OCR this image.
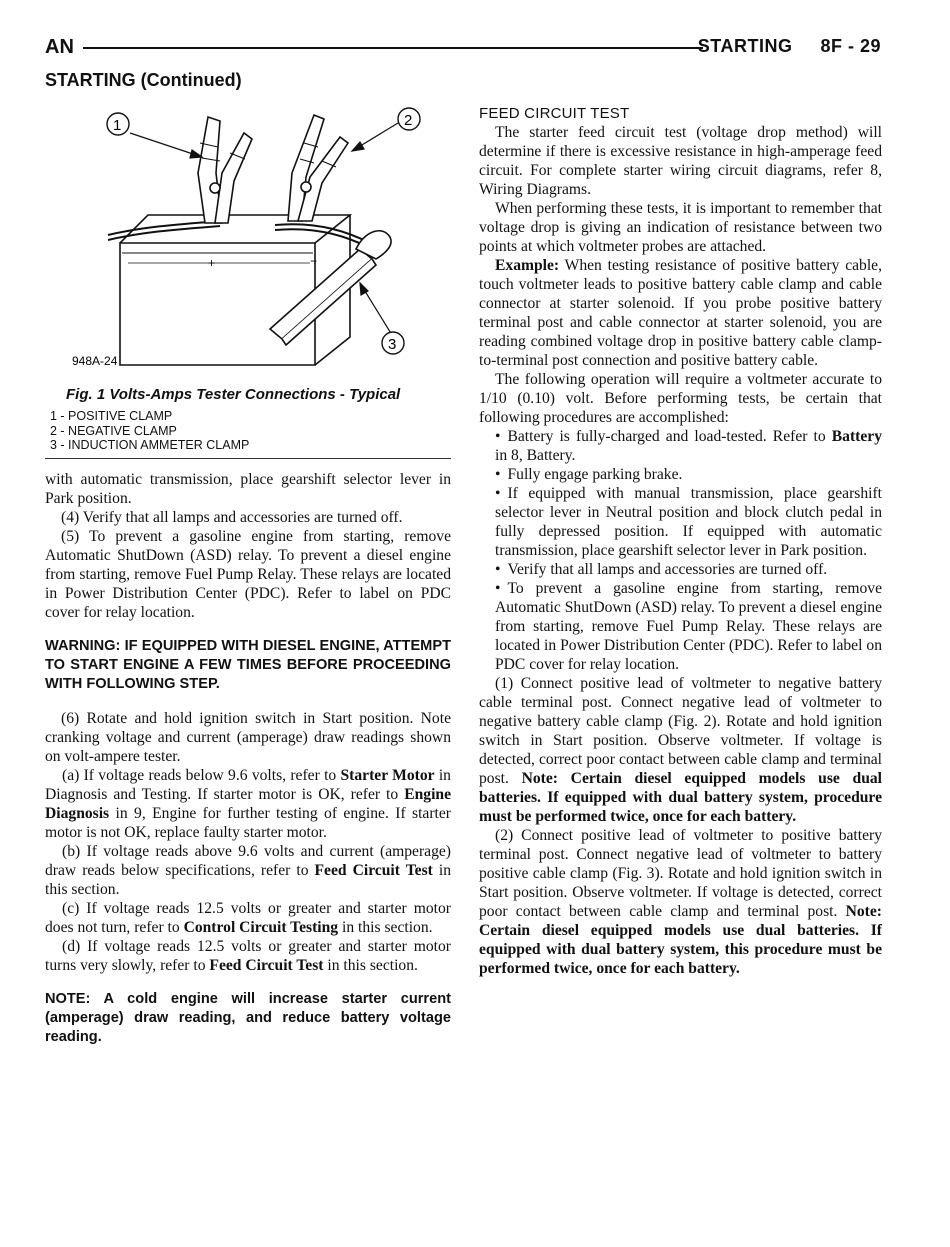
AN	STARTING 8F - 29
STARTING (Continued)
+	−
1	2
3
948A-24
Fig. 1 Volts-Amps Tester Connections - Typical
1 - POSITIVE CLAMP
2 - NEGATIVE CLAMP
3 - INDUCTION AMMETER CLAMP

with automatic transmission, place gearshift selector lever in Park position.

(4) Verify that all lamps and accessories are turned off.

(5) To prevent a gasoline engine from starting, remove Automatic ShutDown (ASD) relay. To prevent a diesel engine from starting, remove Fuel Pump Relay. These relays are located in Power Distribution Center (PDC). Refer to label on PDC cover for relay location.

WARNING: IF EQUIPPED WITH DIESEL ENGINE, ATTEMPT TO START ENGINE A FEW TIMES BEFORE PROCEEDING WITH FOLLOWING STEP.

(6) Rotate and hold ignition switch in Start position. Note cranking voltage and current (amperage) draw readings shown on volt-ampere tester.

(a) If voltage reads below 9.6 volts, refer to Starter Motor in Diagnosis and Testing. If starter motor is OK, refer to Engine Diagnosis in 9, Engine for further testing of engine. If starter motor is not OK, replace faulty starter motor.

(b) If voltage reads above 9.6 volts and current (amperage) draw reads below specifications, refer to Feed Circuit Test in this section.

(c) If voltage reads 12.5 volts or greater and starter motor does not turn, refer to Control Circuit Testing in this section.

(d) If voltage reads 12.5 volts or greater and starter motor turns very slowly, refer to Feed Circuit Test in this section.

NOTE: A cold engine will increase starter current (amperage) draw reading, and reduce battery voltage reading.

FEED CIRCUIT TEST

The starter feed circuit test (voltage drop method) will determine if there is excessive resistance in high-amperage feed circuit. For complete starter wiring circuit diagrams, refer 8, Wiring Diagrams.

When performing these tests, it is important to remember that voltage drop is giving an indication of resistance between two points at which voltmeter probes are attached.

Example: When testing resistance of positive battery cable, touch voltmeter leads to positive battery cable clamp and cable connector at starter solenoid. If you probe positive battery terminal post and cable connector at starter solenoid, you are reading combined voltage drop in positive battery cable clamp-to-terminal post connection and positive battery cable.

The following operation will require a voltmeter accurate to 1/10 (0.10) volt. Before performing tests, be certain that following procedures are accomplished:

• Battery is fully-charged and load-tested. Refer to Battery in 8, Battery.

• Fully engage parking brake.

• If equipped with manual transmission, place gearshift selector lever in Neutral position and block clutch pedal in fully depressed position. If equipped with automatic transmission, place gearshift selector lever in Park position.

• Verify that all lamps and accessories are turned off.

• To prevent a gasoline engine from starting, remove Automatic ShutDown (ASD) relay. To prevent a diesel engine from starting, remove Fuel Pump Relay. These relays are located in Power Distribution Center (PDC). Refer to label on PDC cover for relay location.

(1) Connect positive lead of voltmeter to negative battery cable terminal post. Connect negative lead of voltmeter to negative battery cable clamp (Fig. 2). Rotate and hold ignition switch in Start position. Observe voltmeter. If voltage is detected, correct poor contact between cable clamp and terminal post. Note: Certain diesel equipped models use dual batteries. If equipped with dual battery system, procedure must be performed twice, once for each battery.

(2) Connect positive lead of voltmeter to positive battery terminal post. Connect negative lead of voltmeter to battery positive cable clamp (Fig. 3). Rotate and hold ignition switch in Start position. Observe voltmeter. If voltage is detected, correct poor contact between cable clamp and terminal post. Note: Certain diesel equipped models use dual batteries. If equipped with dual battery system, this procedure must be performed twice, once for each battery.
